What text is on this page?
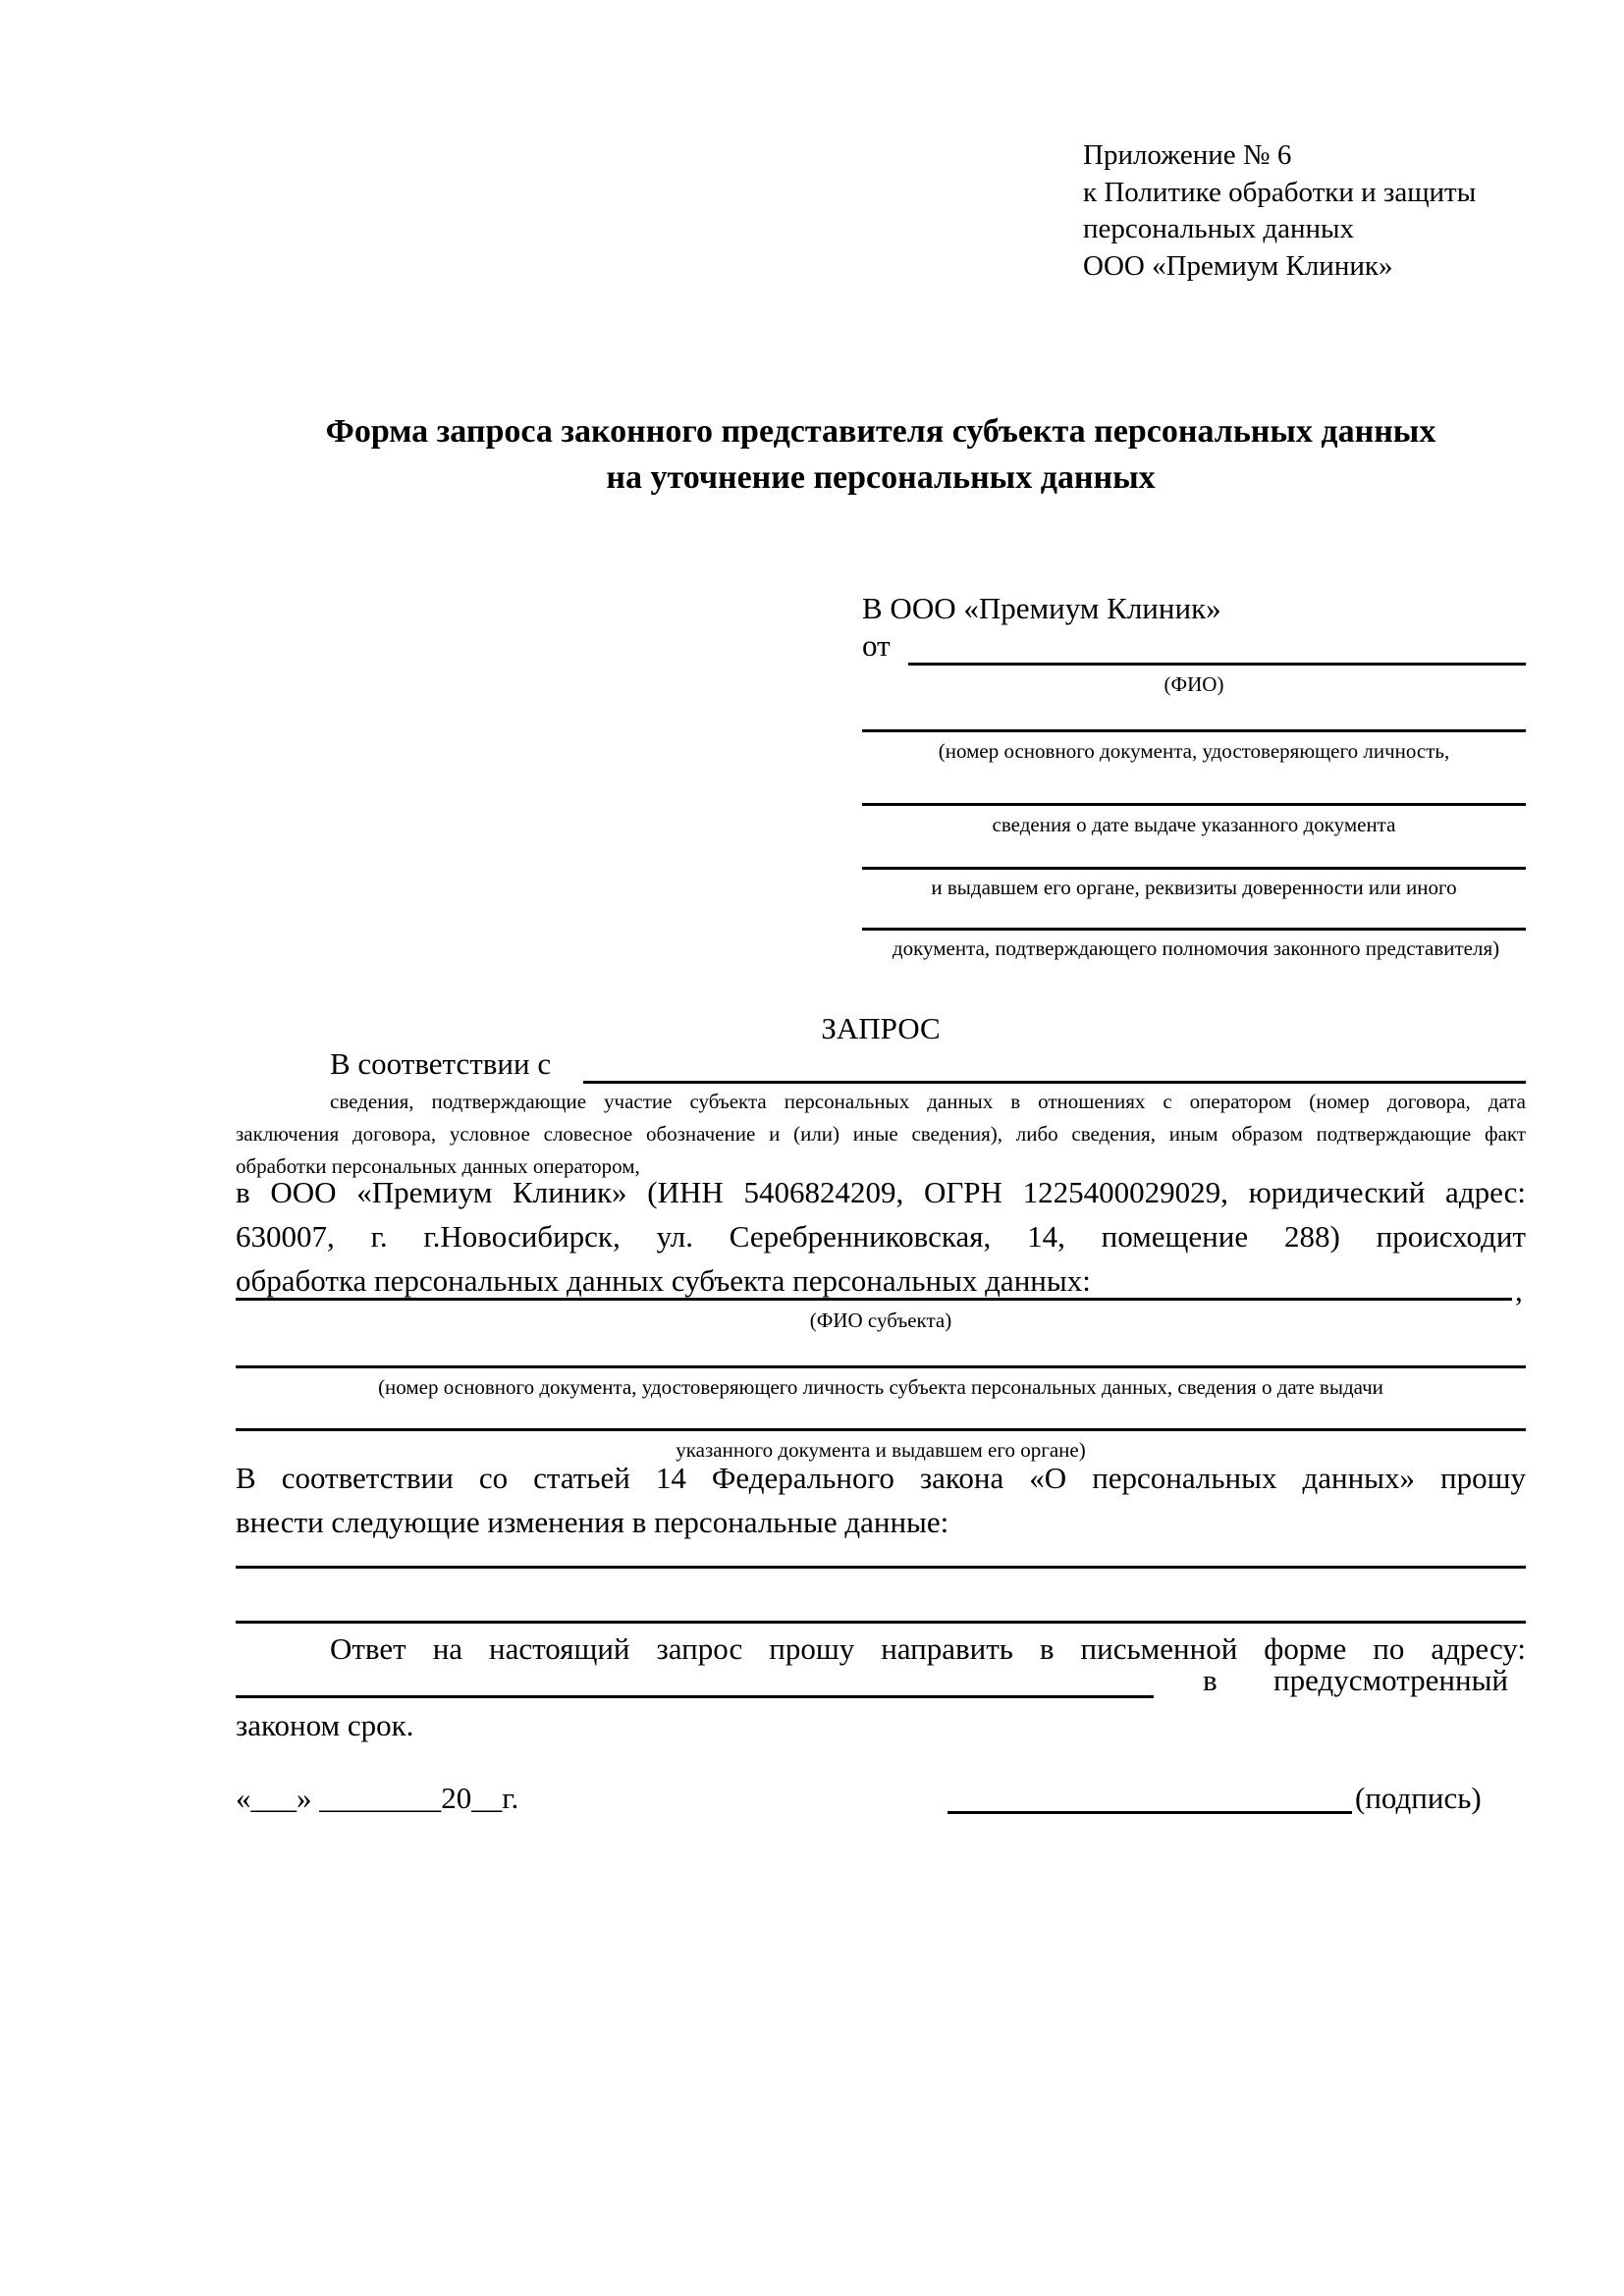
Приложение № 6
к Политике обработки и защиты
персональных данных
ООО «Премиум Клиник»
Форма запроса законного представителя субъекта персональных данных
на уточнение персональных данных
В ООО «Премиум Клиник»
от
(ФИО)
(номер основного документа, удостоверяющего личность,
сведения о дате выдаче указанного документа
и выдавшем его органе, реквизиты доверенности или иного
документа, подтверждающего полномочия законного представителя)
ЗАПРОС
В соответствии с
сведения, подтверждающие участие субъекта персональных данных в отношениях с оператором (номер договора, дата
заключения договора, условное словесное обозначение и (или) иные сведения), либо сведения, иным образом подтверждающие факт
обработки персональных данных оператором,
в ООО «Премиум Клиник» (ИНН 5406824209, ОГРН 1225400029029, юридический адрес:
630007, г. г.Новосибирск, ул. Серебренниковская, 14, помещение 288) происходит
обработка персональных данных субъекта персональных данных:	,
(ФИО субъекта)
(номер основного документа, удостоверяющего личность субъекта персональных данных, сведения о дате выдачи
указанного документа и выдавшем его органе)
В соответствии со статьей 14 Федерального закона «О персональных данных» прошу
внести следующие изменения в персональные данные:
Ответ на настоящий запрос прошу направить в письменной форме по адресу:
в предусмотренный
законом срок.
«___» ________20__г.	(подпись)
